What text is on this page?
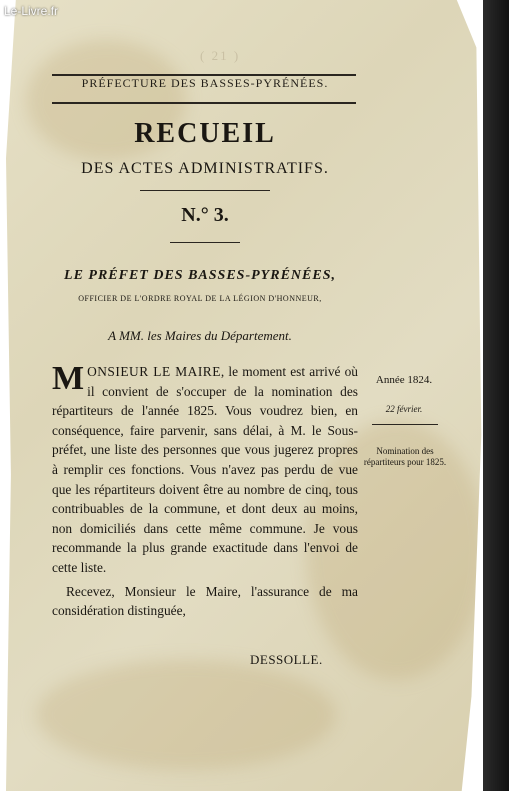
Le-Livre.fr
( 21 )
PRÉFECTURE DES BASSES-PYRÉNÉES.
RECUEIL
DES ACTES ADMINISTRATIFS.
N.° 3.
LE PRÉFET DES BASSES-PYRÉNÉES,
OFFICIER DE L'ORDRE ROYAL DE LA LÉGION D'HONNEUR,
A MM. les Maires du Département.

MONSIEUR LE MAIRE, le moment est arrivé où il convient de s'occuper de la nomination des répartiteurs de l'année 1825. Vous voudrez bien, en conséquence, faire parvenir, sans délai, à M. le Sous-préfet, une liste des personnes que vous jugerez propres à remplir ces fonctions. Vous n'avez pas perdu de vue que les répartiteurs doivent être au nombre de cinq, tous contribuables de la commune, et dont deux au moins, non domiciliés dans cette même commune. Je vous recommande la plus grande exactitude dans l'envoi de cette liste.

Recevez, Monsieur le Maire, l'assurance de ma considération distinguée,

DESSOLLE.
Année 1824.
22 février.
Nomination des répartiteurs pour 1825.
